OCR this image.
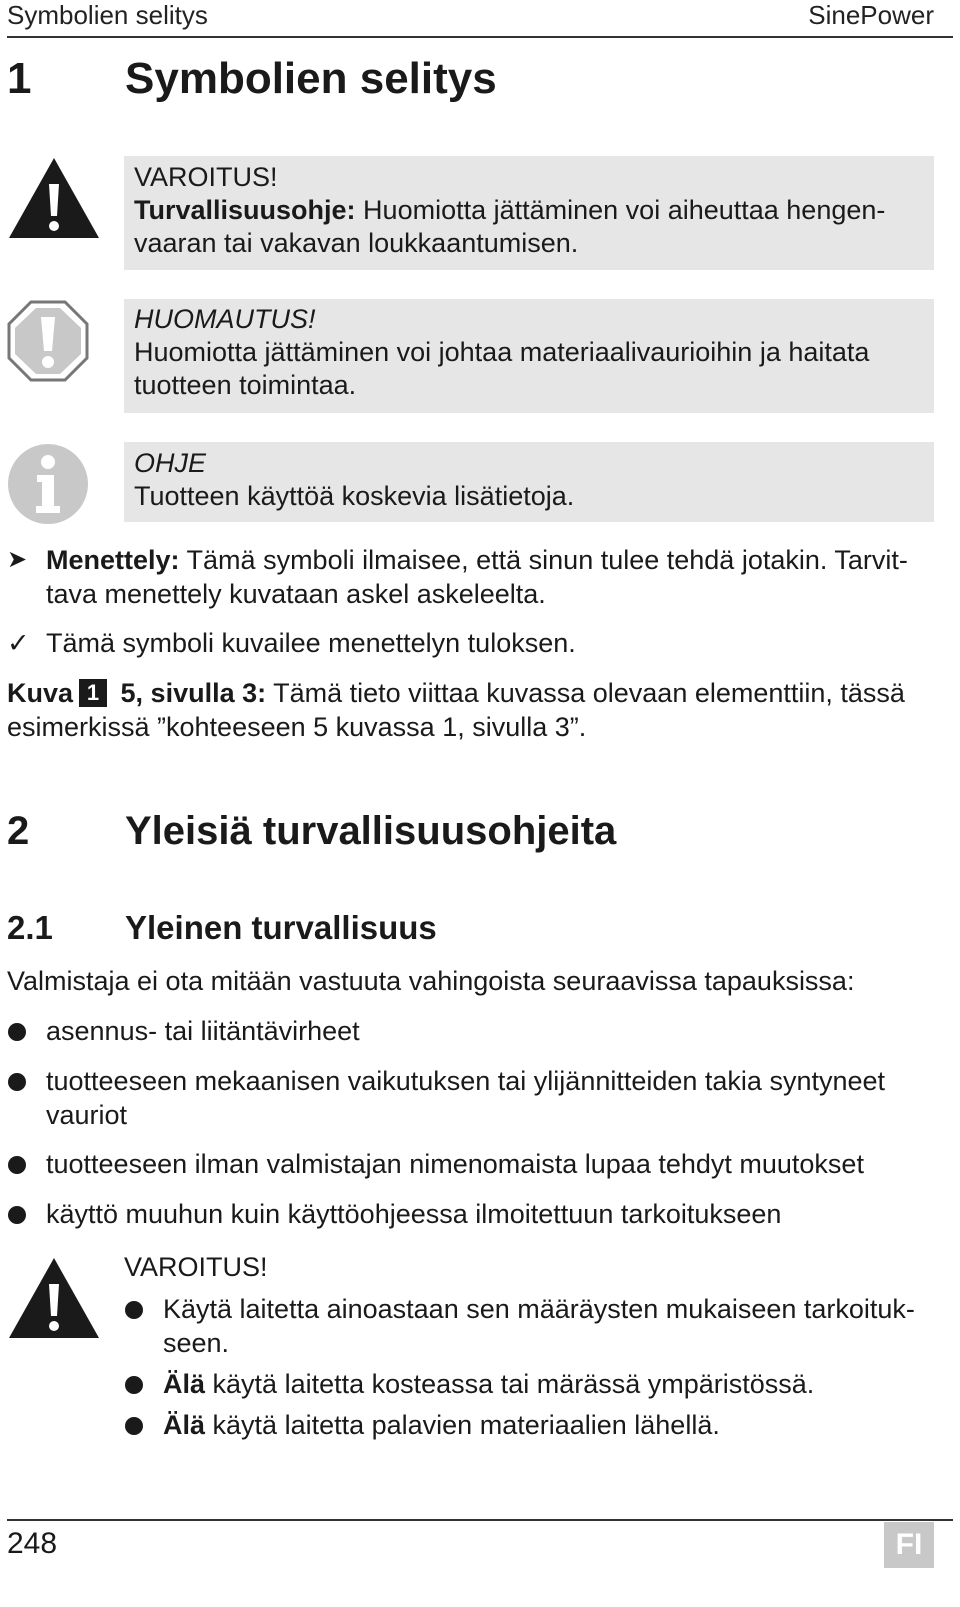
Symbolien selitys	SinePower
1 Symbolien selitys
VAROITUS!
Turvallisuusohje: Huomiotta jättäminen voi aiheuttaa hengen-
vaaran tai vakavan loukkaantumisen.
HUOMAUTUS!
Huomiotta jättäminen voi johtaa materiaalivaurioihin ja haitata
tuotteen toimintaa.
OHJE
Tuotteen käyttöä koskevia lisätietoja.
➤ Menettely: Tämä symboli ilmaisee, että sinun tulee tehdä jotakin. Tarvit-
tava menettely kuvataan askel askeleelta.
✓ Tämä symboli kuvailee menettelyn tuloksen.
Kuva 1 5, sivulla 3: Tämä tieto viittaa kuvassa olevaan elementtiin, tässä
esimerkissä ”kohteeseen 5 kuvassa 1, sivulla 3”.
2 Yleisiä turvallisuusohjeita
2.1 Yleinen turvallisuus
Valmistaja ei ota mitään vastuuta vahingoista seuraavissa tapauksissa:
asennus- tai liitäntävirheet
tuotteeseen mekaanisen vaikutuksen tai ylijännitteiden takia syntyneet
vauriot
tuotteeseen ilman valmistajan nimenomaista lupaa tehdyt muutokset
käyttö muuhun kuin käyttöohjeessa ilmoitettuun tarkoitukseen
VAROITUS!
Käytä laitetta ainoastaan sen määräysten mukaiseen tarkoituk-
seen.
Älä käytä laitetta kosteassa tai märässä ympäristössä.
Älä käytä laitetta palavien materiaalien lähellä.
248	FI
